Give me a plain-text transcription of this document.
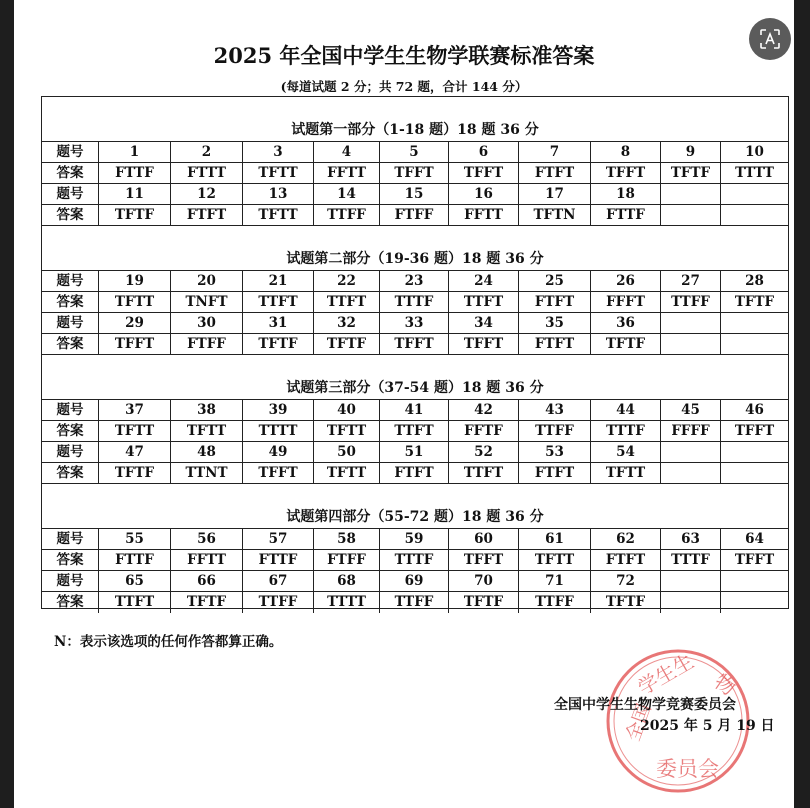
2025 年全国中学生生物学联赛标准答案
(每道试题 2 分；共 72 题，合计 144 分）
试题第一部分（1-18 题）18 题 36 分
题号	1	2	3	4	5	6	7	8	9	10
答案	FTTF	FTTT	TFTT	FFTT	TFFT	TFFT	FTFT	TFFT	TFTF	TTTT
题号	11	12	13	14	15	16	17	18
答案	TFTF	FTFT	TFTT	TTFF	FTFF	FFTT	TFTN	FTTF
试题第二部分（19-36 题）18 题 36 分
题号	19	20	21	22	23	24	25	26	27	28
答案	TFTT	TNFT	TTFT	TTFT	TTTF	TTFT	FTFT	FFFT	TTFF	TFTF
题号	29	30	31	32	33	34	35	36
答案	TFFT	FTFF	TFTF	TFTF	TFFT	TFFT	FTFT	TFTF
试题第三部分（37-54 题）18 题 36 分
题号	37	38	39	40	41	42	43	44	45	46
答案	TFTT	TFTT	TTTT	TFTT	TTFT	FFTF	TTFF	TTTF	FFFF	TFFT
题号	47	48	49	50	51	52	53	54
答案	TFTF	TTNT	TFFT	TFTT	FTFT	TTFT	FTFT	TFTT
试题第四部分（55-72 题）18 题 36 分
题号	55	56	57	58	59	60	61	62	63	64
答案	FTTF	FFTT	FTTF	FTFF	TTTF	TFFT	TFTT	FTFT	TTTF	TFFT
题号	65	66	67	68	69	70	71	72
答案	TTFT	TFTF	TTFF	TTTT	TTFF	TFTF	TTFF	TFTF
N：表示该选项的任何作答都算正确。
全国
学生生 物
委员会
全国中学生生物学竞赛委员会
2025 年 5 月 19 日
